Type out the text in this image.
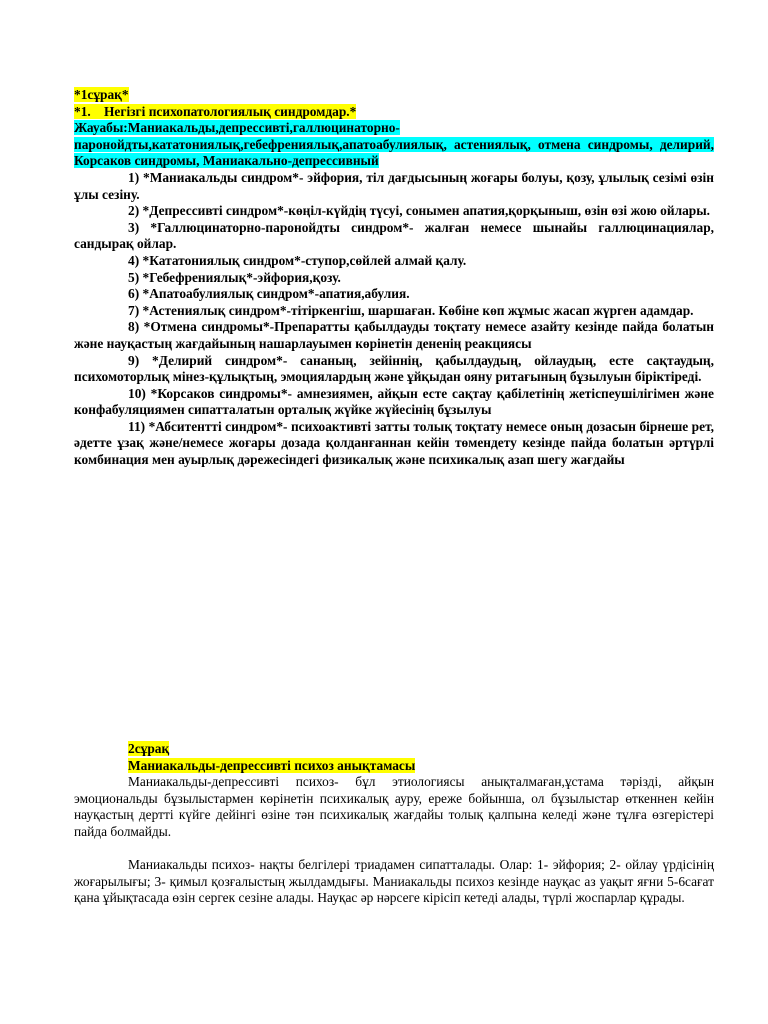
*1сұрақ*
*1. Негізгі психопатологиялық синдромдар.*
Жауабы:Маниакальды,депрессивті,галлюцинаторно-паронойдты,кататониялық,гебефрениялық,апатоабулиялық, астениялық, отмена синдромы, делирий, Корсаков синдромы, Маниакально-депрессивный

1) *Маниакальды синдром*- эйфория, тіл дағдысының жоғары болуы, қозу, ұлылық сезімі өзін ұлы сезіну.

2) *Депрессивті синдром*-көңіл-күйдің түсуі, сонымен апатия,қорқыныш, өзін өзі жою ойлары.

3) *Галлюцинаторно-паронойдты синдром*- жалған немесе шынайы галлюцинациялар, сандырақ ойлар.

4) *Кататониялық синдром*-ступор,сөйлей алмай қалу.

5) *Гебефрениялық*-эйфория,қозу.

6) *Апатоабулиялық синдром*-апатия,абулия.

7) *Астениялық синдром*-тітіркенгіш, шаршаған. Көбіне көп жұмыс жасап жүрген адамдар.

8) *Отмена синдромы*-Препаратты қабылдауды тоқтату немесе азайту кезінде пайда болатын және науқастың жағдайының нашарлауымен көрінетін дененің реакциясы

9) *Делирий синдром*- сананың, зейіннің, қабылдаудың, ойлаудың, есте сақтаудың, психомоторлық мінез-құлықтың, эмоциялардың және ұйқыдан ояну ритағының бұзылуын біріктіреді.

10) *Корсаков синдромы*- амнезиямен, айқын есте сақтау қабілетінің жетіспеушілігімен және конфабуляциямен сипатталатын орталық жүйке жүйесінің бұзылуы

11) *Абситентті синдром*- психоактивті затты толық тоқтату немесе оның дозасын бірнеше рет, әдетте ұзақ және/немесе жоғары дозада қолданғаннан кейін төмендету кезінде пайда болатын әртүрлі комбинация мен ауырлық дәрежесіндегі физикалық және психикалық азап шегу жағдайы

2сұрақ
Маниакальды-депрессивті психоз анықтамасы

Маниакальды-депрессивті психоз- бұл этиологиясы анықталмаған,ұстама тәрізді, айқын эмоциональды бұзылыстармен көрінетін психикалық ауру, ереже бойынша, ол бұзылыстар өткеннен кейін науқастың дертті күйге дейінгі өзіне тән психикалық жағдайы толық қалпына келеді және тұлға өзгерістері пайда болмайды.

Маниакальды психоз- нақты белгілері триадамен сипатталады. Олар: 1- эйфория; 2- ойлау үрдісінің жоғарылығы; 3- қимыл қозғалыстың жылдамдығы. Маниакальды психоз кезінде науқас аз уақыт яғни 5-6сағат қана ұйықтасада өзін сергек сезіне алады. Науқас әр нәрсеге кірісіп кетеді алады, түрлі жоспарлар құрады.
